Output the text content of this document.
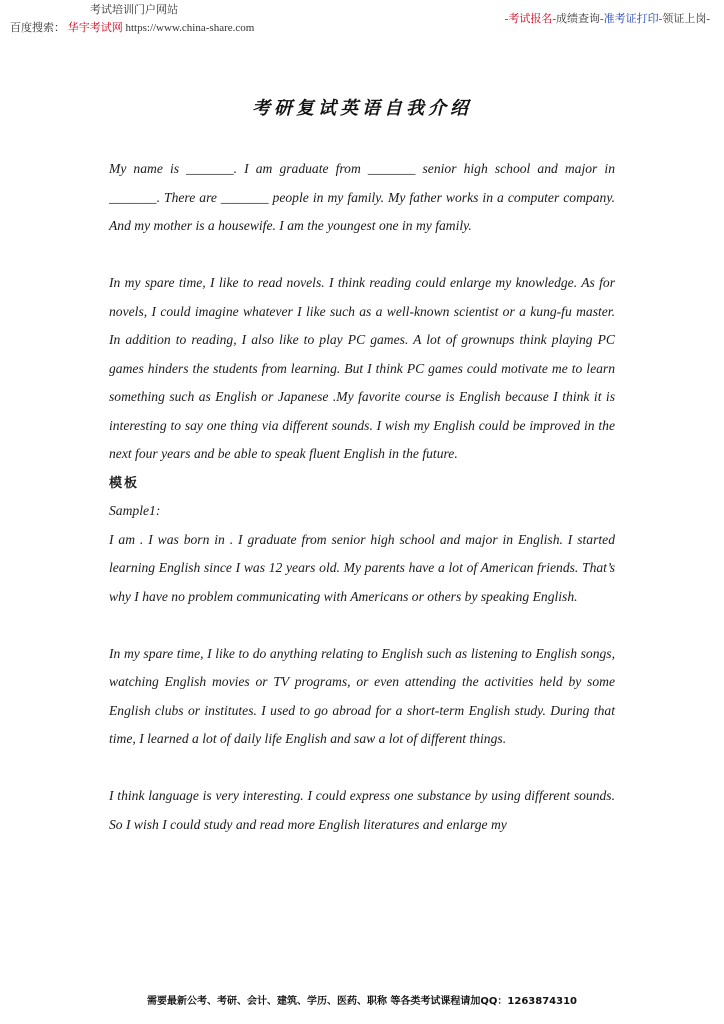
考试培训门户网站
百度搜索： 华宇考试网 https://www.china-share.com
-考试报名-成绩查询-准考证打印-领证上岗-
考研复试英语自我介绍

My name is _______. I am graduate from _______ senior high school and major in _______. There are _______ people in my family. My father works in a computer company. And my mother is a housewife. I am the youngest one in my family.

In my spare time, I like to read novels. I think reading could enlarge my knowledge. As for novels, I could imagine whatever I like such as a well-known scientist or a kung-fu master. In addition to reading, I also like to play PC games. A lot of grownups think playing PC games hinders the students from learning. But I think PC games could motivate me to learn something such as English or Japanese .My favorite course is English because I think it is interesting to say one thing via different sounds. I wish my English could be improved in the next four years and be able to speak fluent English in the future.

模板

Sample1:

I am . I was born in . I graduate from senior high school and major in English. I started learning English since I was 12 years old. My parents have a lot of American friends. That’s why I have no problem communicating with Americans or others by speaking English.

In my spare time, I like to do anything relating to English such as listening to English songs, watching English movies or TV programs, or even attending the activities held by some English clubs or institutes. I used to go abroad for a short-term English study. During that time, I learned a lot of daily life English and saw a lot of different things.

I think language is very interesting. I could express one substance by using different sounds. So I wish I could study and read more English literatures and enlarge my

需要最新公考、考研、会计、建筑、学历、医药、职称 等各类考试课程请加QQ：1263874310
